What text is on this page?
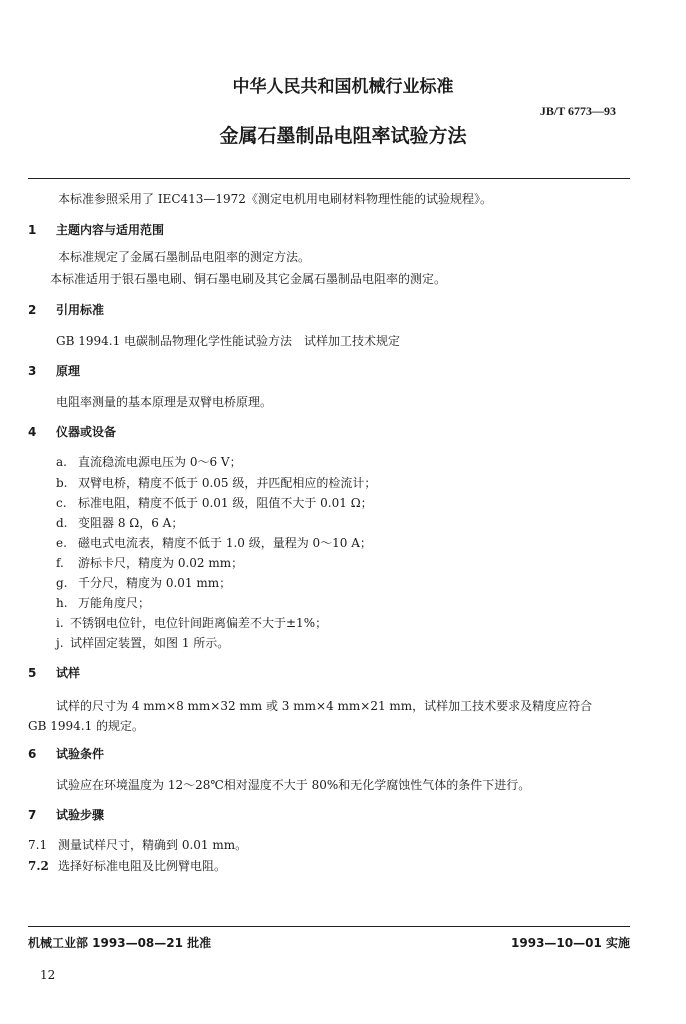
中华人民共和国机械行业标准
JB/T 6773—93
金属石墨制品电阻率试验方法
本标准参照采用了 IEC413—1972《测定电机用电刷材料物理性能的试验规程》。
1 主题内容与适用范围
本标准规定了金属石墨制品电阻率的测定方法。
本标准适用于银石墨电刷、铜石墨电刷及其它金属石墨制品电阻率的测定。
2 引用标准
GB 1994.1 电碳制品物理化学性能试验方法　试样加工技术规定
3 原理
电阻率测量的基本原理是双臂电桥原理。
4 仪器或设备
a. 直流稳流电源电压为 0～6 V；
b. 双臂电桥，精度不低于 0.05 级，并匹配相应的检流计；
c. 标准电阻，精度不低于 0.01 级，阻值不大于 0.01 Ω；
d. 变阻器 8 Ω，6 A；
e. 磁电式电流表，精度不低于 1.0 级，量程为 0～10 A；
f. 游标卡尺，精度为 0.02 mm；
g. 千分尺，精度为 0.01 mm；
h. 万能角度尺；
i. 不锈钢电位针，电位针间距离偏差不大于±1%；
j. 试样固定装置，如图 1 所示。
5 试样
试样的尺寸为 4 mm×8 mm×32 mm 或 3 mm×4 mm×21 mm，试样加工技术要求及精度应符合
GB 1994.1 的规定。
6 试验条件
试验应在环境温度为 12～28℃相对湿度不大于 80%和无化学腐蚀性气体的条件下进行。
7 试验步骤
7.1 测量试样尺寸，精确到 0.01 mm。
7.2 选择好标准电阻及比例臂电阻。
机械工业部 1993—08—21 批准	1993—10—01 实施
12
